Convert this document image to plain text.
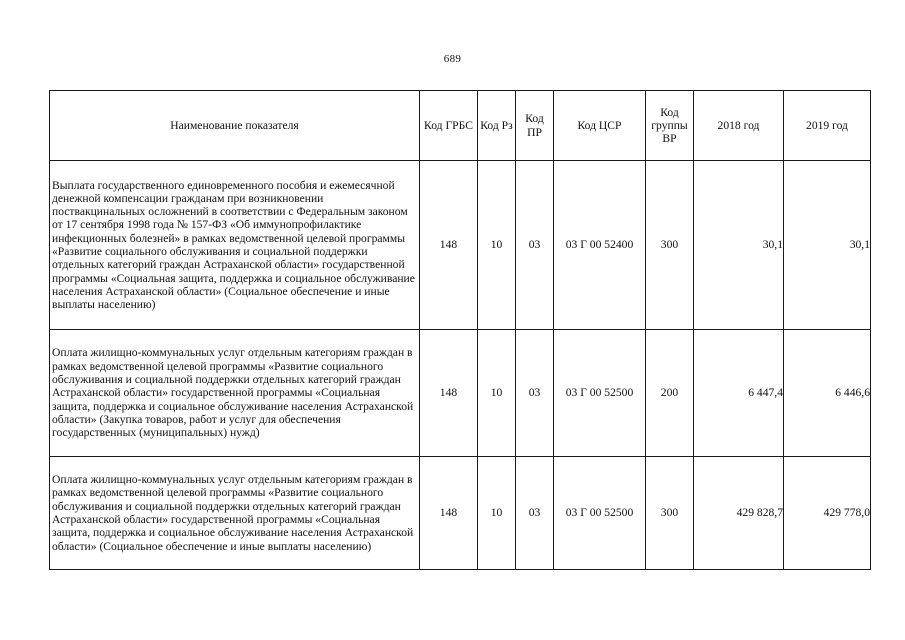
689
Наименование показателя	Код ГРБС	Код Рз	Код ПР	Код ЦСР	Код группы ВР	2018 год	2019 год
Выплата государственного единовременного пособия и ежемесячной денежной компенсации гражданам при возникновении поствакцинальных осложнений в соответствии с Федеральным законом от 17 сентября 1998 года № 157-ФЗ «Об иммунопрофилактике инфекционных болезней» в рамках ведомственной целевой программы «Развитие социального обслуживания и социальной поддержки отдельных категорий граждан Астраханской области» государственной программы «Социальная защита, поддержка и социальное обслуживание населения Астраханской области» (Социальное обеспечение и иные выплаты населению)	148	10	03	03 Г 00 52400	300	30,1	30,1
Оплата жилищно-коммунальных услуг отдельным категориям граждан в рамках ведомственной целевой программы «Развитие социального обслуживания и социальной поддержки отдельных категорий граждан Астраханской области» государственной программы «Социальная защита, поддержка и социальное обслуживание населения Астраханской области» (Закупка товаров, работ и услуг для обеспечения государственных (муниципальных) нужд)	148	10	03	03 Г 00 52500	200	6 447,4	6 446,6
Оплата жилищно-коммунальных услуг отдельным категориям граждан в рамках ведомственной целевой программы «Развитие социального обслуживания и социальной поддержки отдельных категорий граждан Астраханской области» государственной программы «Социальная защита, поддержка и социальное обслуживание населения Астраханской области» (Социальное обеспечение и иные выплаты населению)	148	10	03	03 Г 00 52500	300	429 828,7	429 778,0
